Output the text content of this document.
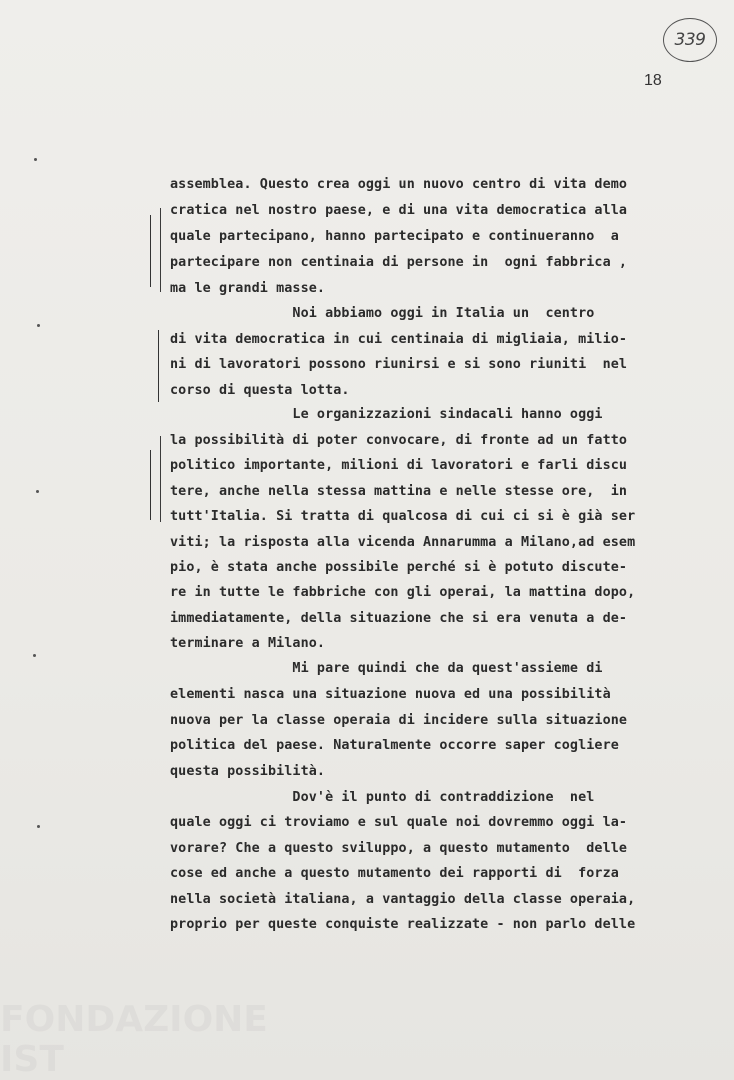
339
18
assemblea. Questo crea oggi un nuovo centro di vita demo
cratica nel nostro paese, e di una vita democratica alla
quale partecipano, hanno partecipato e continueranno  a
partecipare non centinaia di persone in  ogni fabbrica ,
ma le grandi masse.
Noi abbiamo oggi in Italia un  centro
di vita democratica in cui centinaia di migliaia, milio-
ni di lavoratori possono riunirsi e si sono riuniti  nel
corso di questa lotta.
Le organizzazioni sindacali hanno oggi
la possibilità di poter convocare, di fronte ad un fatto
politico importante, milioni di lavoratori e farli discu
tere, anche nella stessa mattina e nelle stesse ore,  in
tutt'Italia. Si tratta di qualcosa di cui ci si è già ser
viti; la risposta alla vicenda Annarumma a Milano,ad esem
pio, è stata anche possibile perché si è potuto discute-
re in tutte le fabbriche con gli operai, la mattina dopo,
immediatamente, della situazione che si era venuta a de-
terminare a Milano.
Mi pare quindi che da quest'assieme di
elementi nasca una situazione nuova ed una possibilità
nuova per la classe operaia di incidere sulla situazione
politica del paese. Naturalmente occorre saper cogliere
questa possibilità.
Dov'è il punto di contraddizione  nel
quale oggi ci troviamo e sul quale noi dovremmo oggi la-
vorare? Che a questo sviluppo, a questo mutamento  delle
cose ed anche a questo mutamento dei rapporti di  forza
nella società italiana, a vantaggio della classe operaia,
proprio per queste conquiste realizzate - non parlo delle
